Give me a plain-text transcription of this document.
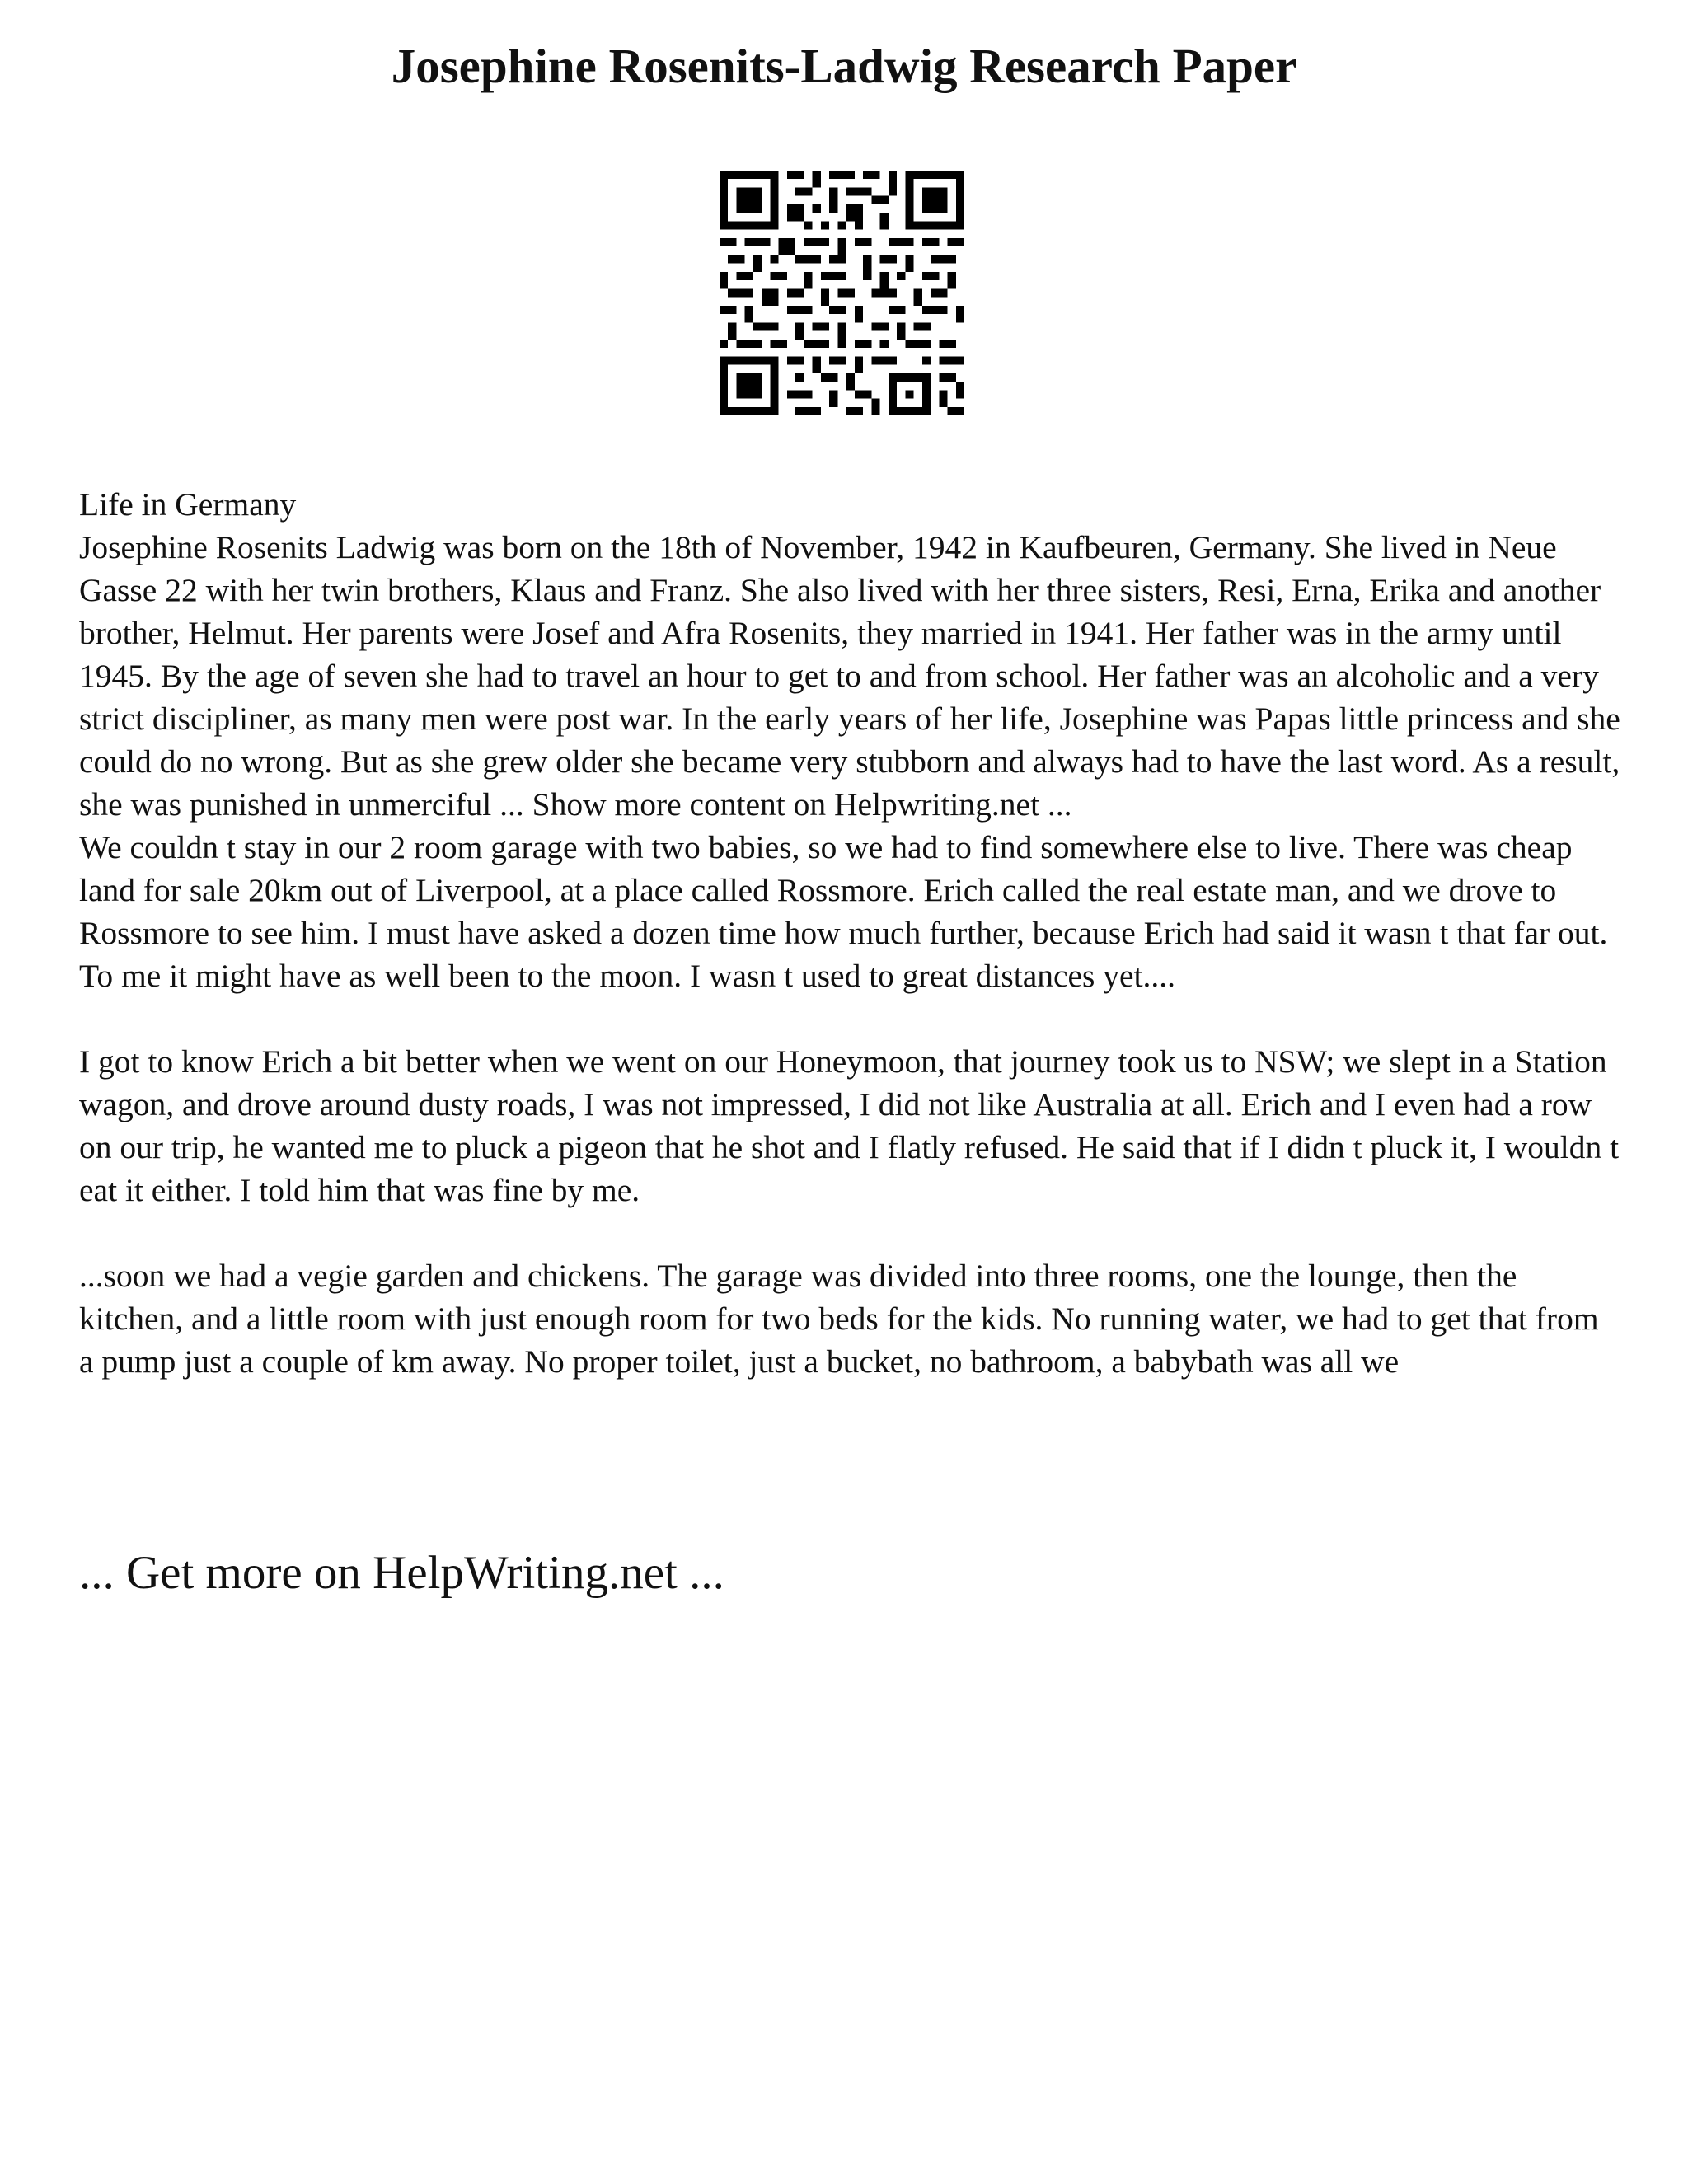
Josephine Rosenits-Ladwig Research Paper

Life in Germany

Josephine Rosenits Ladwig was born on the 18th of November, 1942 in Kaufbeuren, Germany. She lived in Neue Gasse 22 with her twin brothers, Klaus and Franz. She also lived with her three sisters, Resi, Erna, Erika and another brother, Helmut. Her parents were Josef and Afra Rosenits, they married in 1941. Her father was in the army until 1945. By the age of seven she had to travel an hour to get to and from school. Her father was an alcoholic and a very strict discipliner, as many men were post war. In the early years of her life, Josephine was Papas little princess and she could do no wrong. But as she grew older she became very stubborn and always had to have the last word. As a result, she was punished in unmerciful ... Show more content on Helpwriting.net ...

We couldn t stay in our 2 room garage with two babies, so we had to find somewhere else to live. There was cheap land for sale 20km out of Liverpool, at a place called Rossmore. Erich called the real estate man, and we drove to Rossmore to see him. I must have asked a dozen time how much further, because Erich had said it wasn t that far out. To me it might have as well been to the moon. I wasn t used to great distances yet....

I got to know Erich a bit better when we went on our Honeymoon, that journey took us to NSW; we slept in a Station wagon, and drove around dusty roads, I was not impressed, I did not like Australia at all. Erich and I even had a row on our trip, he wanted me to pluck a pigeon that he shot and I flatly refused. He said that if I didn t pluck it, I wouldn t eat it either. I told him that was fine by me.

...soon we had a vegie garden and chickens. The garage was divided into three rooms, one the lounge, then the kitchen, and a little room with just enough room for two beds for the kids. No running water, we had to get that from a pump just a couple of km away. No proper toilet, just a bucket, no bathroom, a babybath was all we

... Get more on HelpWriting.net ...
